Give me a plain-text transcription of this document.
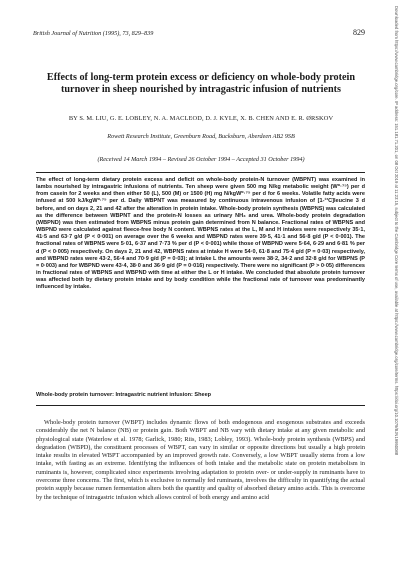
British Journal of Nutrition (1995), 73, 829–839	829
Effects of long-term protein excess or deficiency on whole-body protein turnover in sheep nourished by intragastric infusion of nutrients
BY S. M. LIU, G. E. LOBLEY, N. A. MACLEOD, D. J. KYLE, X. B. CHEN AND E. R. ØRSKOV
Rowett Research Institute, Greenburn Road, Bucksburn, Aberdeen AB2 9SB
(Received 14 March 1994 – Revised 26 October 1994 – Accepted 31 October 1994)
The effect of long-term dietary protein excess and deficit on whole-body protein-N turnover (WBPNT) was examined in lambs nourished by intragastric infusions of nutrients. Ten sheep were given 500 mg N/kg metabolic weight (W⁰·⁷⁵) per d from casein for 2 weeks and then either 50 (L), 500 (M) or 1500 (H) mg N/kgW⁰·⁷⁵ per d for 6 weeks. Volatile fatty acids were infused at 500 kJ/kgW⁰·⁷⁵ per d. Daily WBPNT was measured by continuous intravenous infusion of [1-¹³C]leucine 3 d before, and on days 2, 21 and 42 after the alteration in protein intake. Whole-body protein synthesis (WBPNS) was calculated as the difference between WBPNT and the protein-N losses as urinary NH₃ and urea. Whole-body protein degradation (WBPND) was then estimated from WBPNS minus protein gain determined from N balance. Fractional rates of WBPNS and WBPND were calculated against fleece-free body N content. WBPNS rates at the L, M and H intakes were respectively 35·1, 41·5 and 63·7 g/d (P < 0·001) on average over the 6 weeks and WBPND rates were 39·5, 41·1 and 56·8 g/d (P < 0·001). The fractional rates of WBPNS were 5·01, 6·37 and 7·73 % per d (P < 0·001) while those of WBPND were 5·64, 6·29 and 6·81 % per d (P < 0·005) respectively. On days 2, 21 and 42, WBPNS rates at intake H were 54·0, 61·8 and 75·4 g/d (P = 0·03) respectively, and WBPND rates were 43·2, 56·4 and 70·9 g/d (P = 0·03); at intake L the amounts were 38·2, 34·2 and 32·8 g/d for WBPNS (P = 0·003) and for WBPND were 43·4, 38·0 and 36·9 g/d (P = 0·016) respectively. There were no significant (P > 0·05) differences in fractional rates of WBPNS and WBPND with time at either the L or H intake. We concluded that absolute protein turnover was affected both by dietary protein intake and by body condition while the fractional rate of turnover was predominantly influenced by intake.
Whole-body protein turnover: Intragastric nutrient infusion: Sheep
Whole-body protein turnover (WBPT) includes dynamic flows of both endogenous and exogenous substrates and exceeds considerably the net N balance (NB) or protein gain. Both WBPT and NB vary with dietary intake at any given metabolic and physiological state (Waterlow et al. 1978; Garlick, 1980; Riis, 1983; Lobley, 1993). Whole-body protein synthesis (WBPS) and degradation (WBPD), the constituent processes of WBPT, can vary in similar or opposite directions but usually a high protein intake results in elevated WBPT accompanied by an improved growth rate. Conversely, a low WBPT usually stems from a low intake, with fasting as an extreme. Identifying the influences of both intake and the metabolic state on protein metabolism in ruminants is, however, complicated since experiments involving adaptation to protein over- or under-supply in ruminants have to overcome three concerns. The first, which is exclusive to normally fed ruminants, involves the difficulty in quantifying the actual protein supply because rumen fermentation alters both the quantity and quality of absorbed dietary amino acids. This is overcome by the technique of intragastric infusion which allows control of both energy and amino acid
Downloaded from https://www.cambridge.org/core. IP address: 151.181.71.201, on 08 Oct 2019 at 11:23:15, subject to the Cambridge Core terms of use, available at https://www.cambridge.org/core/terms. https://doi.org/10.1079/BJN19950088
